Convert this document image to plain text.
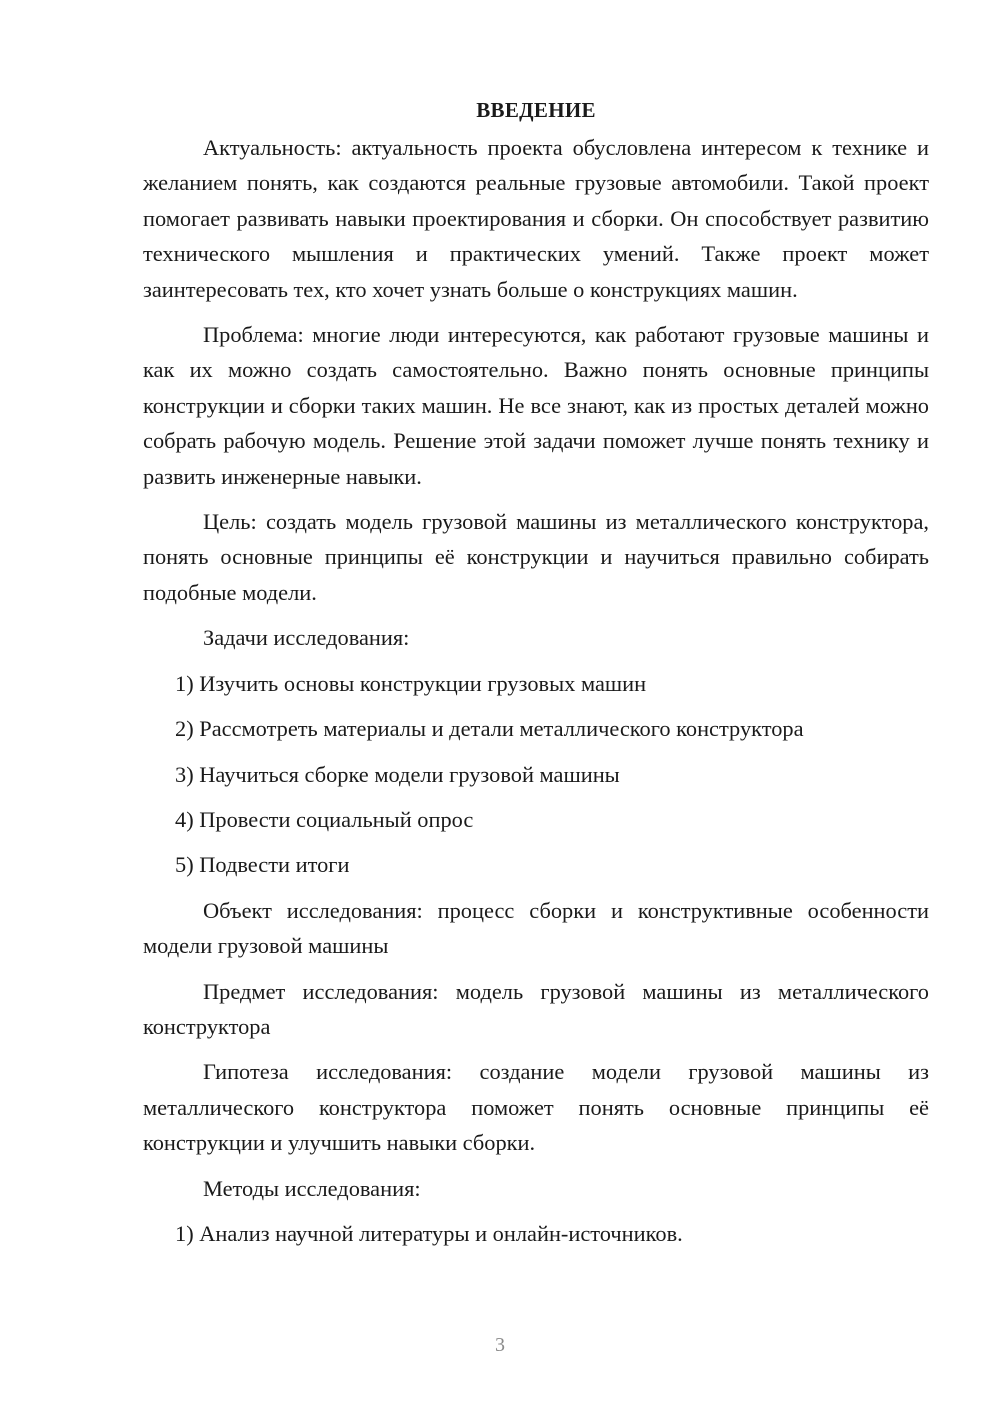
ВВЕДЕНИЕ

Актуальность: актуальность проекта обусловлена интересом к технике и желанием понять, как создаются реальные грузовые автомобили. Такой проект помогает развивать навыки проектирования и сборки. Он способствует развитию технического мышления и практических умений. Также проект может заинтересовать тех, кто хочет узнать больше о конструкциях машин.

Проблема: многие люди интересуются, как работают грузовые машины и как их можно создать самостоятельно. Важно понять основные принципы конструкции и сборки таких машин. Не все знают, как из простых деталей можно собрать рабочую модель. Решение этой задачи поможет лучше понять технику и развить инженерные навыки.

Цель: создать модель грузовой машины из металлического конструктора, понять основные принципы её конструкции и научиться правильно собирать подобные модели.

Задачи исследования:

1) Изучить основы конструкции грузовых машин

2) Рассмотреть материалы и детали металлического конструктора

3) Научиться сборке модели грузовой машины

4) Провести социальный опрос

5) Подвести итоги

Объект исследования: процесс сборки и конструктивные особенности модели грузовой машины

Предмет исследования: модель грузовой машины из металлического конструктора

Гипотеза исследования: создание модели грузовой машины из металлического конструктора поможет понять основные принципы её конструкции и улучшить навыки сборки.

Методы исследования:

1) Анализ научной литературы и онлайн-источников.

3
